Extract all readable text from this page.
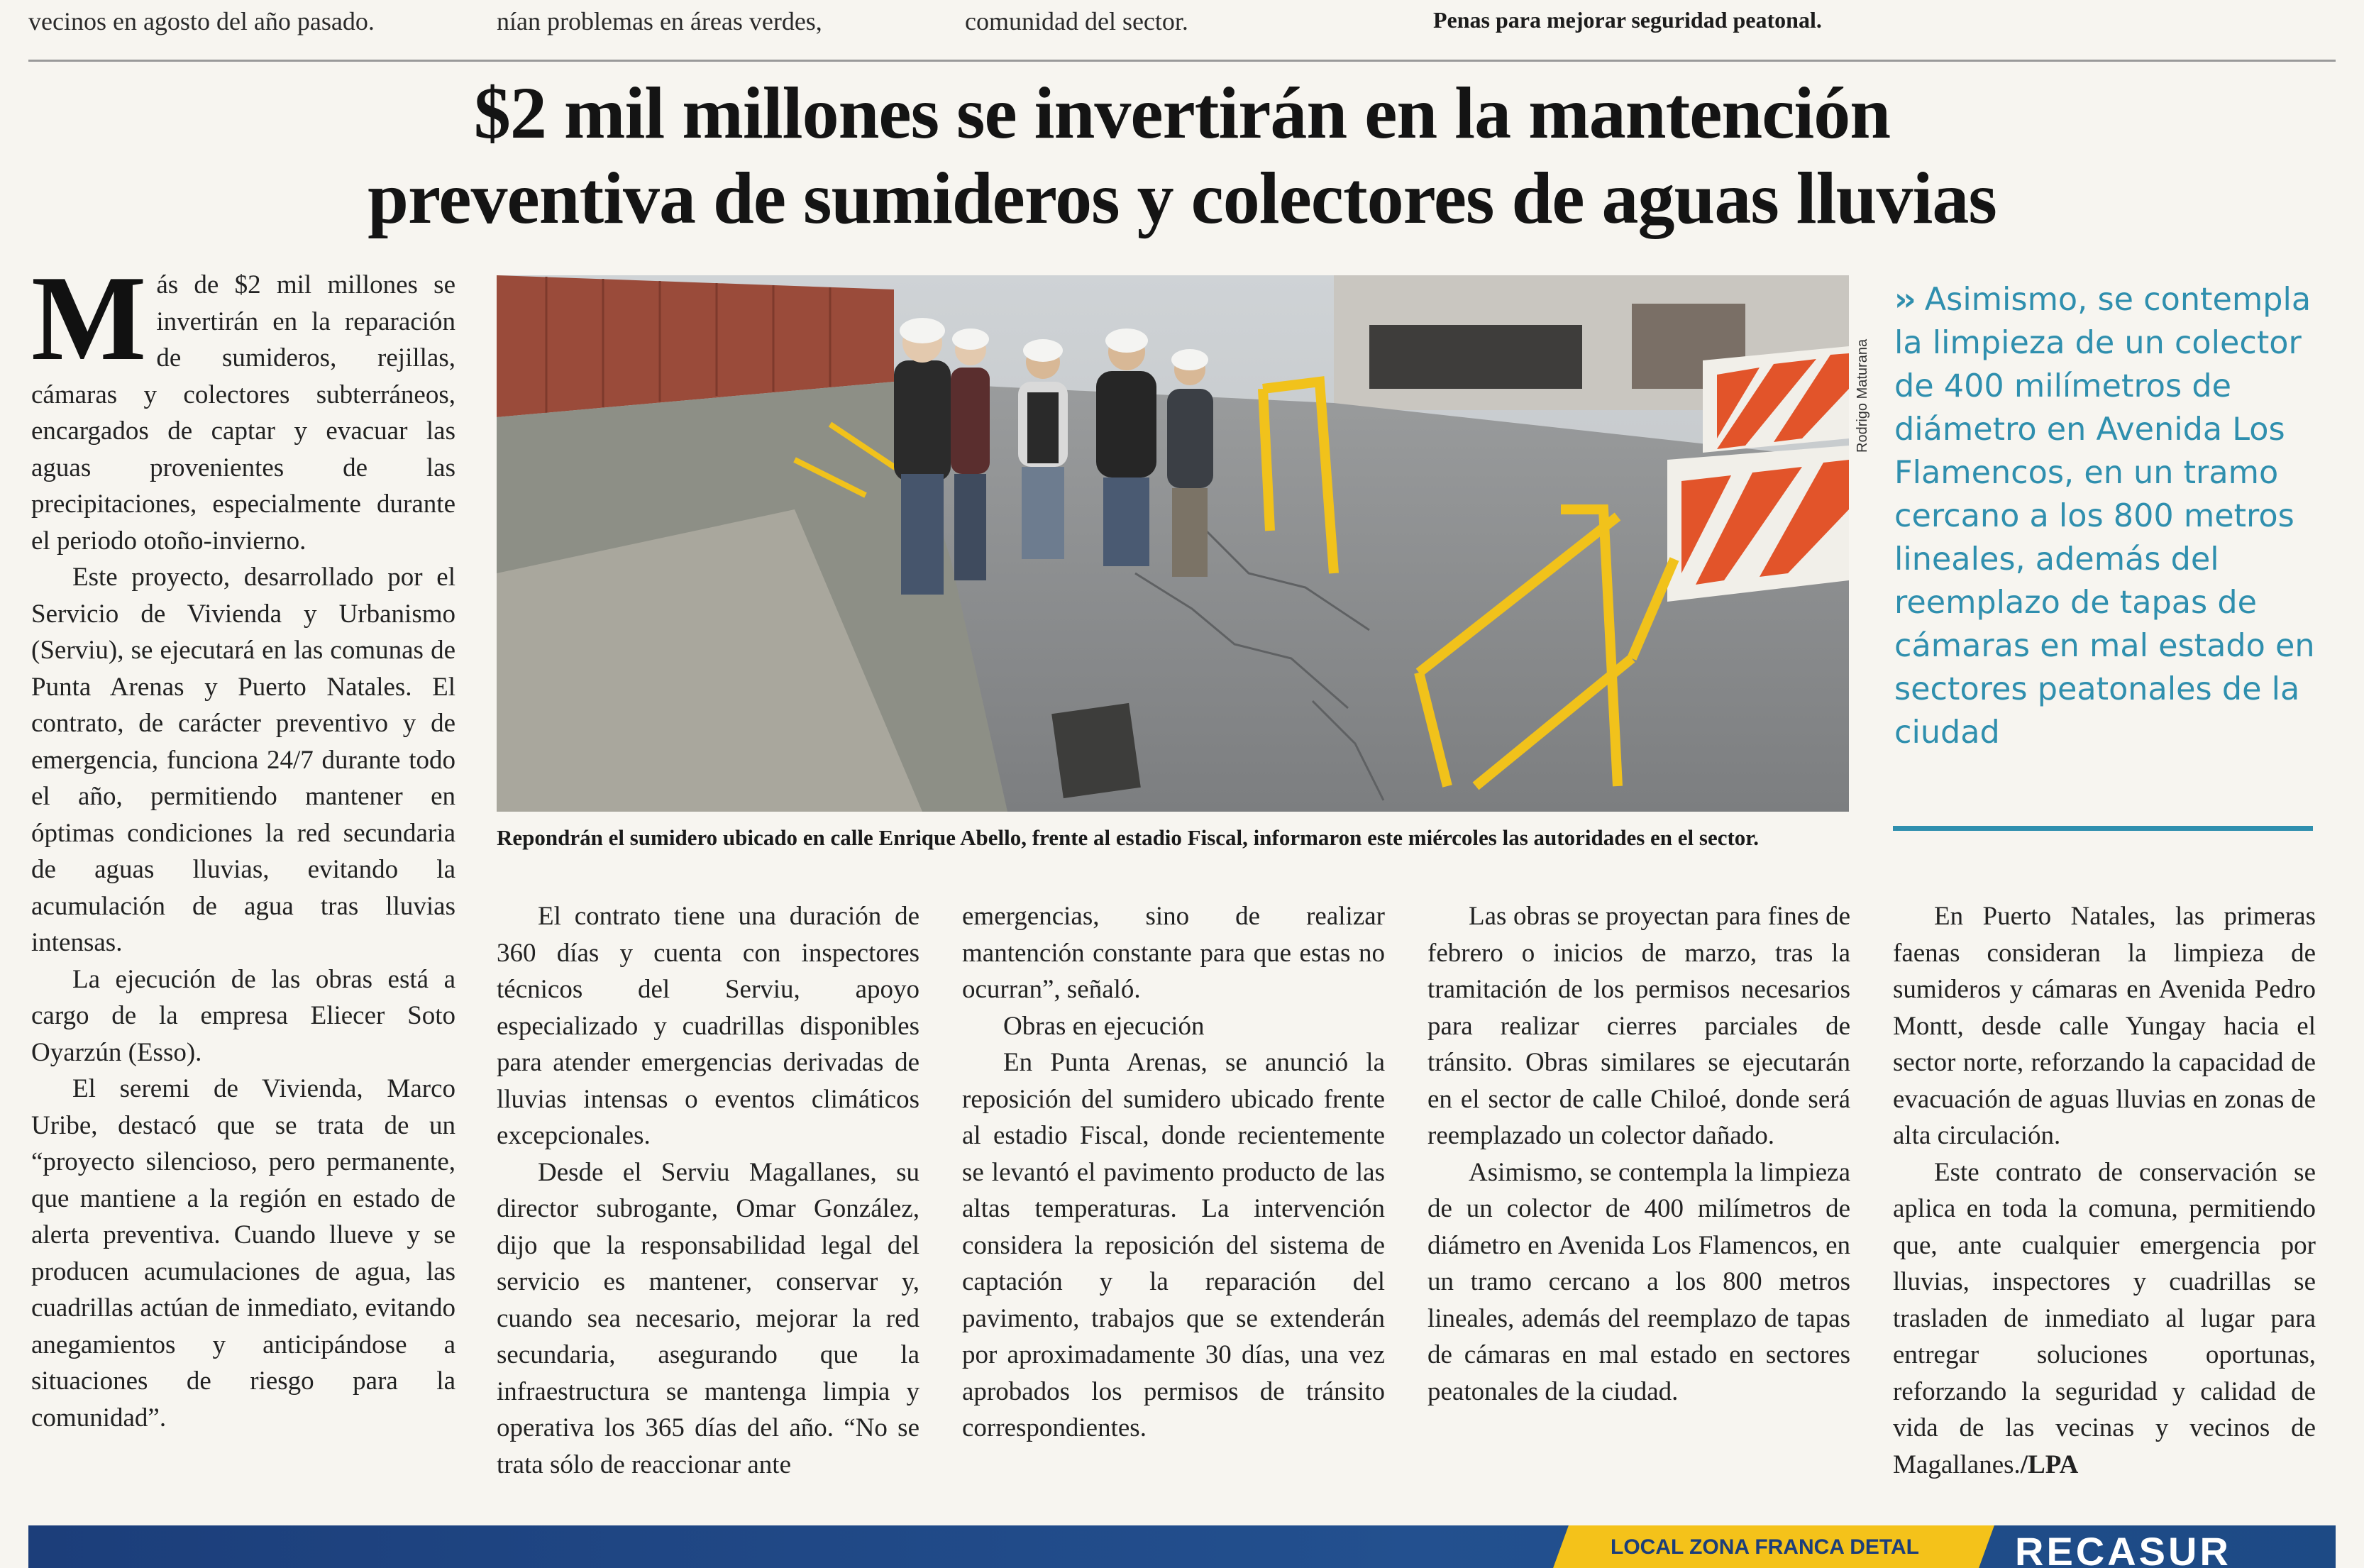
vecinos en agosto del año pasado.	nían problemas en áreas verdes,	comunidad del sector.	Penas para mejorar seguridad peatonal.
$2 mil millones se invertirán en la mantención
preventiva de sumideros y colectores de aguas lluvias
M ás de $2 mil millones se invertirán en la reparación de sumideros, rejillas, cámaras y colectores subterráneos, encargados de captar y evacuar las aguas provenientes de las precipitaciones, especialmente durante el periodo otoño-invierno.

Este proyecto, desarrollado por el Servicio de Vivienda y Urbanismo (Serviu), se ejecutará en las comunas de Punta Arenas y Puerto Natales. El contrato, de carácter preventivo y de emergencia, funciona 24/7 durante todo el año, permitiendo mantener en óptimas condiciones la red secundaria de aguas lluvias, evitando la acumulación de agua tras lluvias intensas.

La ejecución de las obras está a cargo de la empresa Eliecer Soto Oyarzún (Esso).

El seremi de Vivienda, Marco Uribe, destacó que se trata de un “proyecto silencioso, pero permanente, que mantiene a la región en estado de alerta preventiva. Cuando llueve y se producen acumulaciones de agua, las cuadrillas actúan de inmediato, evitando anegamientos y anticipándose a situaciones de riesgo para la comunidad”.

Rodrigo Maturana
Repondrán el sumidero ubicado en calle Enrique Abello, frente al estadio Fiscal, informaron este miércoles las autoridades en el sector.
›› Asimismo, se contempla la limpieza de un colector de 400 milímetros de diámetro en Avenida Los Flamencos, en un tramo cercano a los 800 metros lineales, además del reemplazo de tapas de cámaras en mal estado en sectores peatonales de la ciudad

El contrato tiene una duración de 360 días y cuenta con inspectores técnicos del Serviu, apoyo especializado y cuadrillas disponibles para atender emergencias derivadas de lluvias intensas o eventos climáticos excepcionales.

Desde el Serviu Magallanes, su director subrogante, Omar González, dijo que la responsabilidad legal del servicio es mantener, conservar y, cuando sea necesario, mejorar la red secundaria, asegurando que la infraestructura se mantenga limpia y operativa los 365 días del año. “No se trata sólo de reaccionar ante

emergencias, sino de realizar mantención constante para que estas no ocurran”, señaló.

Obras en ejecución

En Punta Arenas, se anunció la reposición del sumidero ubicado frente al estadio Fiscal, donde recientemente se levantó el pavimento producto de las altas temperaturas. La intervención considera la reposición del sistema de captación y la reparación del pavimento, trabajos que se extenderán por aproximadamente 30 días, una vez aprobados los permisos de tránsito correspondientes.

Las obras se proyectan para fines de febrero o inicios de marzo, tras la tramitación de los permisos necesarios para realizar cierres parciales de tránsito. Obras similares se ejecutarán en el sector de calle Chiloé, donde será reemplazado un colector dañado.

Asimismo, se contempla la limpieza de un colector de 400 milímetros de diámetro en Avenida Los Flamencos, en un tramo cercano a los 800 metros lineales, además del reemplazo de tapas de cámaras en mal estado en sectores peatonales de la ciudad.

En Puerto Natales, las primeras faenas consideran la limpieza de sumideros y cámaras en Avenida Pedro Montt, desde calle Yungay hacia el sector norte, reforzando la capacidad de evacuación de aguas lluvias en zonas de alta circulación.

Este contrato de conservación se aplica en toda la comuna, permitiendo que, ante cualquier emergencia por lluvias, inspectores y cuadrillas se trasladen de inmediato al lugar para entregar soluciones oportunas, reforzando la seguridad y calidad de vida de las vecinas y vecinos de Magallanes./LPA

LOCAL ZONA FRANCA DETAL RECASUR
